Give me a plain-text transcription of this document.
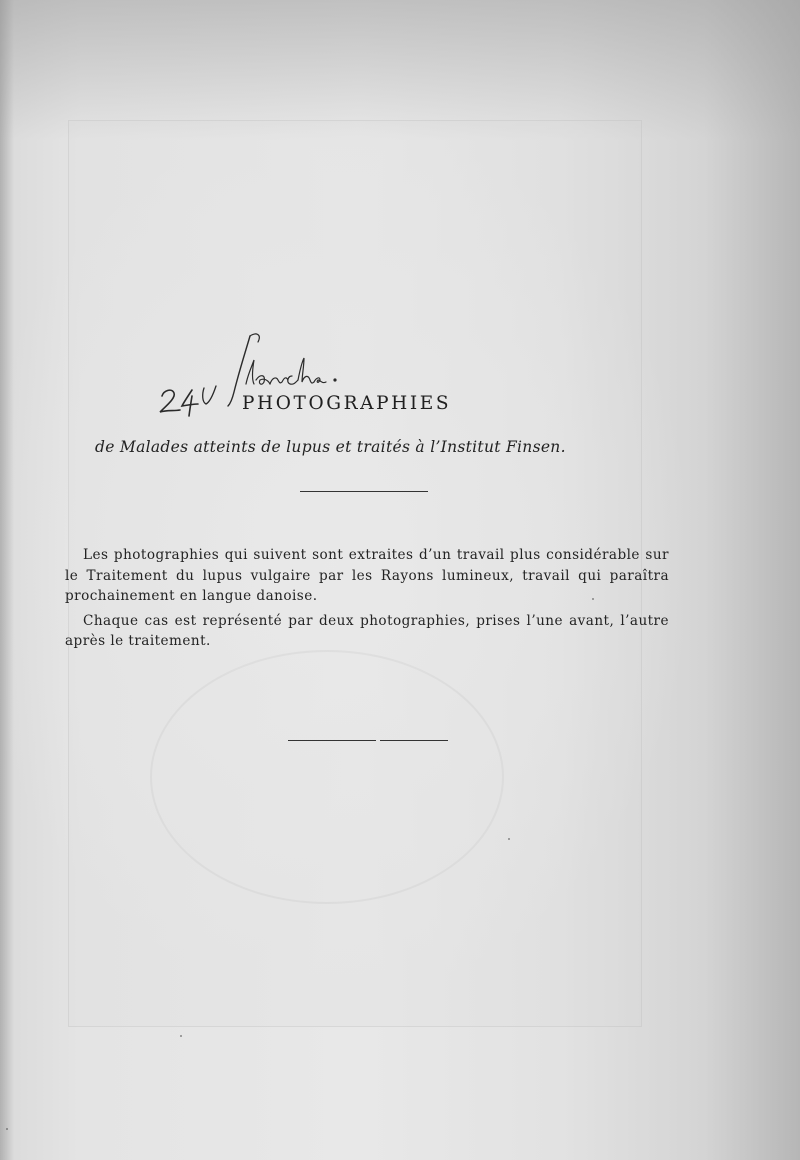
PHOTOGRAPHIES
de Malades atteints de lupus et traités à l’Institut Finsen.

Les photographies qui suivent sont extraites d’un travail plus considérable sur le Traitement du lupus vulgaire par les Rayons lumineux, travail qui paraîtra prochainement en langue danoise.

Chaque cas est représenté par deux photographies, prises l’une avant, l’autre après le traitement.
